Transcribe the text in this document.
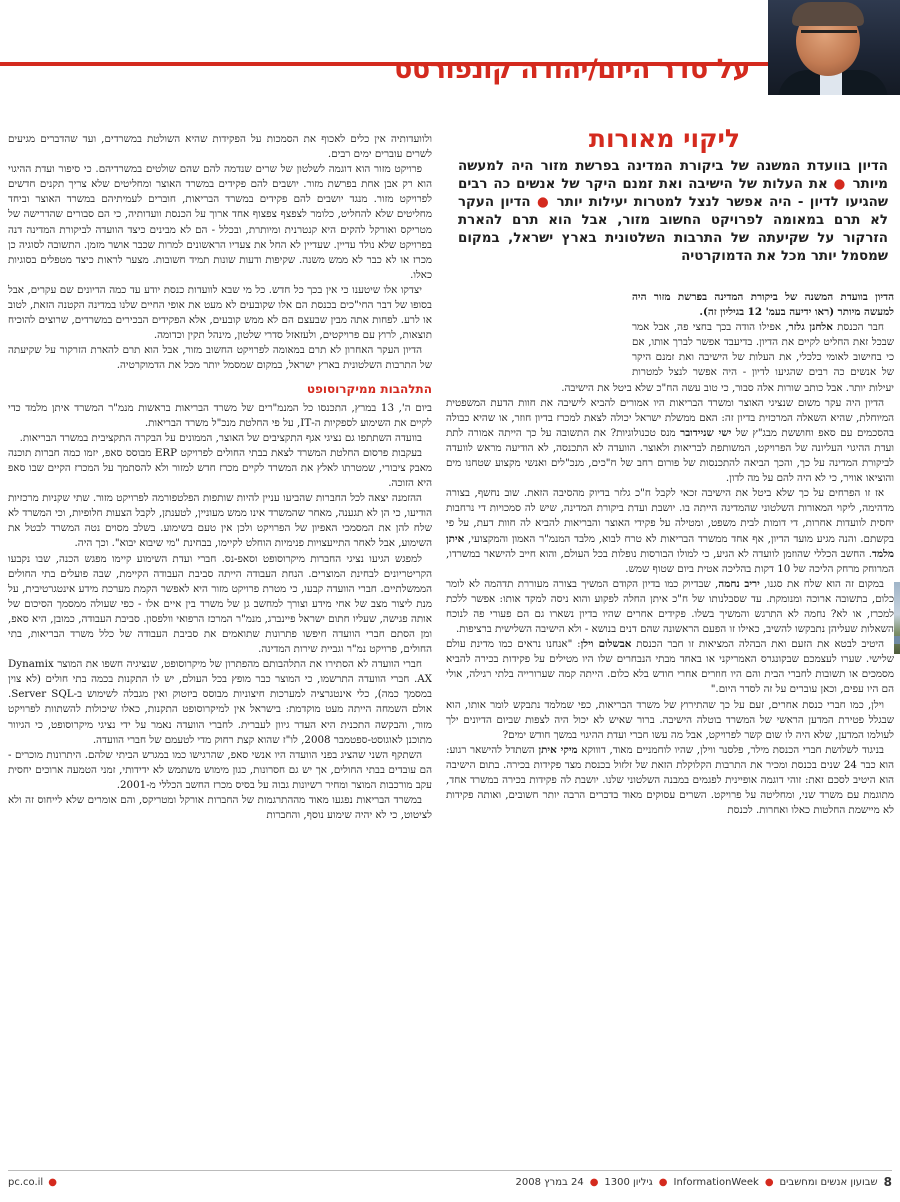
על סדר היום/יהודה קונפורטס
ליקוי מאורות
הדיון בוועדת המשנה של ביקורת המדינה בפרשת מזור היה למעשה מיותר ● את העלות של הישיבה ואת זמנם היקר של אנשים כה רבים שהגיעו לדיון - היה אפשר לנצל למטרות יעילות יותר ● הדיון העקר לא תרם במאומה לפרויקט החשוב מזור, אבל הוא תרם להארת הזרקור על שקיעתה של התרבות השלטונית בארץ ישראל, במקום שמסמל יותר מכל את הדמוקרטיה

הדיון בוועדת המשנה של ביקורת המדינה בפרשת מזור היה למעשה מיותר (ראו ידיעה בעמ' 12 בגיליון זה).

חבר הכנסת אלחנן גלזר, אפילו הודה בכך בחצי פה, אבל אמר שבכל זאת החליט לקיים את הדיון. בדיעבד אפשר לברך אותו, אם כי בחישוב לאומי כלכלי, את העלות של הישיבה ואת זמנם היקר של אנשים כה רבים שהגיעו לדיון - היה אפשר לנצל למטרות יעילות יותר. אבל כותב שורות אלה סבור, כי טוב עשה הח"כ שלא ביטל את הישיבה.

הדיון היה עקר משום שנציגי האוצר ומשרד הבריאות היו אמורים להביא לישיבה את חוות הדעת המשפטית המיוחלת, שהיא השאלה המרכזית בדיון זה: האם ממשלת ישראל יכולה לצאת למכרז בדיון חוזר, או שהיא כבולה בהסכמים עם סאפ וחוששת מבג"ץ של ישי שניידובר מנס טכנולוגיות? את התשובה על כך הייתה אמורה לתת ועדת ההיגוי העליונה של הפרויקט, המשותפת לבריאות ולאוצר. הוועדה לא התכנסה, לא הודיעה מראש לוועדה לביקורת המדינה על כך, והכך הביאה להתכנסות של פורום רחב של ח"כים, מנכ"לים ואנשי מקצוע שטחנו מים והוציאו אוויר, כי לא היה להם על מה לדון.

אז זו הפרחים על כך שלא ביטל את הישיבה זכאי לקבל ח"כ גלזר בדיוק מהסיבה הזאת. שוב נחשף, בצורה מדהימה, ליקוי המאורות השלטוני שהמדינה הייתה בו. יושבת ועדת ביקורת המדינה, שיש לה סמכויות די נרחבות יחסית לוועדות אחרות, די דומות לבית משפט, ומטילה על פקידי האוצר והבריאות להביא לה חוות דעת, על פי בקשתם. והנה מגיע מועד הדיון, אף אחד ממשרד הבריאות לא טרח לבוא, מלבד המנמ"ר האמון והמקצועי, איתן מלמד. החשב הכללי שהוזמן לוועדה לא הגיע, כי למולו הבורסות נופלות בכל העולם, והוא חייב להישאר במשרדו, המרוחק מרחק הליכה של 10 דקות בהליכה אטית ביום שטוף שמש.

במקום זה הוא שלח את סגנו, יריב נחמה, שבדיוק כמו בדיון הקודם המשיך בצורה מעוררת תדהמה לא לומר כלום, בתשובה ארוכה ומנומקת. עד שסבלנותו של ח"כ איתן החלה לפקוע והוא ניסה למקד אותו: אפשר ללכת למכרז, או לא? נחמה לא התרגש והמשיך בשלו. פקידים אחרים שהיו בדיון נשארו גם הם פעורי פה לנוכח השאלות שעליהן נתבקשו להשיב, כאילו זו הפעם הראשונה שהם דנים בנושא - ולא הישיבה השלישית ברציפות.

היטיב לבטא את הזעם ואת הבהלה המציאות זו חבר הכנסת אבשלום וילן: "אנחנו נראים כמו מדינת עולם שלישי. שערו לעצמכם שבקונגרס האמריקני או באחד מבתי הנבחרים שלו היו מטילים על פקידות בכירה להביא מסמכים או תשובות לחברי הבית והם היו חוזרים אחרי חודש בלא כלום. הייתה קמה שערורייה בלתי רגילה, אולי הם היו עפים, וכאן עוברים על זה לסדר היום."

וילן, כמו חברי כנסת אחרים, זעם על כך שהתירוץ של משרד הבריאות, כפי שמלמד נתבקש לומר אותו, הוא שבגלל פטירת המדען הראשי של המשרד בוטלה הישיבה. ברור שאיש לא יכול היה לצפות שביום הדיונים ילך לעולמו המדען, שלא היה לו שום קשר לפרויקט, אבל מה עשו חברי ועדת ההיגוי במשך חודש ימים?

בניגוד לשלושת חברי הכנסת מילר, פלסנר ווילן, שהיו לוחמניים מאוד, דוווקא מיקי איתן השתדל להישאר רגוע: הוא כבר 24 שנים בכנסת ומכיר את התרבות הקלוקלת הזאת של זלזול בכנסת מצד פקידות בכירה. בתום הישיבה הוא היטיב לסכם זאת: זוהי דוגמה אופיינית לפגמים במבנה השלטוני שלנו. יושבת לה פקידות בכירה במשרד אחד, מתוגמת עם משרד שני, ומחליטה על פרויקט. השרים עסוקים מאוד בדברים הרבה יותר חשובים, ואותה פקידות לא מיישמת החלטות כאלו ואחרות. לכנסת

ולוועדותיה אין כלים לאכוף את הסמכות על הפקידות שהיא השולטת במשרדים, ועד שהדברים מגיעים לשרים עוברים ימים רבים.

פרויקט מזור הוא דוגמה לשלטון של שרים שנדמה להם שהם שולטים במשרדיהם. כי סיפור ועדת ההיגוי הוא רק אבן אחת בפרשת מזור. יושבים להם פקידים במשרד האוצר ומחליטים שלא צריך תקנים חדשים לפרויקט מזור. מנגד יושבים להם פקידים במשרד הבריאות, חוברים לעמיתיהם במשרד האוצר וביחד מחליטים שלא להחליט, כלומר לצפצף צפצוף אחד ארוך על הכנסת וועדותיה, כי הם סבורים שהדרישה של מטריקס ואורקל להקים היא קנטרנית ומיותרת, ובכלל - הם לא מבינים כיצד הוועדה לביקורת המדינה דנה בפרויקט שלא נולד עדיין. שעדיין לא החל את צעדיו הראשונים למרות שכבר אושר מזמן. התשובה לסוגיה כן מכרז או לא כבר לא ממש משנה. שקיפות ודעות שונות תמיד חשובות. מצער לראות כיצד מטפלים בסוגיות כאלו.

יצדקו אלו שיטענו כי אין בכך כל חדש. כל מי שבא לוועדות כנסת יודע עד כמה הדיונים שם עקרים, אבל בסופו של דבר החי"כים בכנסת הם אלו שקובעים לא מעט את אופי החיים שלנו במדינה הקטנה הזאת, לטוב או לרע. לפחות אתה מבין שבעצם הם לא ממש קובעים, אלא הפקידים הבכירים במשרדים, שרוצים להוכיח תוצאות, לרוץ עם פרויקטים, ולעזאזל סדרי שלטון, מינהל תקין וכדומה.

הדיון העקר האחרון לא תרם במאומה לפרויקט החשוב מזור, אבל הוא תרם להארת הזרקור על שקיעתה של התרבות השלטונית בארץ ישראל, במקום שמסמל יותר מכל את הדמוקרטיה.

התלהבות ממיקרוסופט

ביום ה', 13 במרץ, התכנסו כל המנמ"רים של משרד הבריאות בראשות מנמ"ר המשרד איתן מלמד כדי לקיים את השימוע לספקיות ה-IT, על פי החלטת מנכ"ל משרד הבריאות.

בוועדה השתתפו גם נציגי אגף התקציבים של האוצר, הממונים על הבקרה התקציבית במשרד הבריאות.

בעקבות פרסום החלטת המשרד לצאת בבתי החולים לפרויקט ERP מבוסס סאפ, יזמו כמה חברות תוכנה מאבק ציבורי, שמטרתו לאלץ את המשרד לקיים מכרז חדש למזור ולא להסתמך על המכרז הקיים שבו סאפ היא הזוכה.

ההזמנה יצאה לכל החברות שהביעו עניין להיות שותפות הפלטפורמה לפרויקט מזור. שתי שקניות מרכזיות הודיעו, כי הן לא תגענה, מאחר שהמשרד אינו ממש מעוניין, לטענתן, לקבל הצעות חלופיות, וכי המשרד לא שלח להן את המסמכי האפיון של הפרויקט ולכן אין טעם בשימוע. בשלב מסוים נטה המשרד לבטל את השימוע, אבל לאחר התייעצויות פנימיות הוחלט לקיימו, בבחינת "מי שיבוא יבוא". וכך היה.

למפגש הגיעו נציגי החברות מיקרוסופט וסאפ-נס. חברי ועדת השימוע קיימו מפגש הכנה, שבו נקבעו הקריטריונים לבחינת המוצרים. הנחת העבודה הייתה סביבת העבודה הקיימת, שבה פועלים בתי החולים הממשלתיים. חברי הוועדה קבעו, כי מטרת פרויקט מזור היא לאפשר הקמת מערכת מידע אינטגרטיבית, על מנת ליצור מצב של אחי מידע וצורך למחשב גן של משרד בין איים אלו - כפי שעולה ממסמך הסיכום של אותה פגישה, שעליו חתום ישראל פיינברג, מנמ"ר המרכז הרפואי וולפסון. סביבת העבודה, כמובן, היא סאפ, ומן הסתם חברי הוועדה חיפשו פתרונות שתואמים את סביבת העבודה של כלל משרד הבריאות, בתי החולים, פרויקט נמ"ר וגביית שירות המדינה.

חברי הוועדה לא הסתירו את התלהבותם מהפתרון של מיקרוסופט, שנציגיה חשפו את המוצר Dynamix AX. חברי הוועדה התרשמו, כי המוצר כבר מופץ בכל העולם, יש לו התקנות בכמה בתי חולים (לא צוין במסמך כמה), כלי אינטגרציה למערכות חיצוניות מבוסס ביזטוק ואין מגבלה לשימוש ב-Server SQL. אולם השמחה הייתה מעט מוקדמת: בישראל אין למיקרוסופט התקנות, כאלו שיכולות להשתוות לפרויקט מזור, והבקשה התכנית היא העדר גיוון לעברית. לחברי הוועדה נאמר על ידי נציגי מיקרוסופט, כי הגיוור מתוכנן לאוגוסט-ספטמבר 2008, לו"ז שהוא קצת רחוק מדי לטעמם של חברי הוועדה.

השתקף השני שהציג בפני הוועדה היו אנשי סאפ, שהרגישו כמו במגרש הביתי שלהם. היתרונות מוכרים - הם עובדים בבתי החולים, אך יש גם חסרונות, כגון מימוש משתמש לא ידידותי, זמני הטמעה ארוכים יחסית עקב מורכבות המוצר ומחיר רשיונות גבוה על בסיס מכרז החשב הכללי מ-2001.

במשרד הבריאות נפגעו מאוד מההתרגמות של החברות אורקל ומטריקס, והם אומרים שלא לייחוס זה ולא לציטוט, כי לא יהיה שימוע נוסף, והחברות

8
שבועון אנשים ומחשבים
●
InformationWeek
●
גיליון 1300
●
24 במרץ 2008
●
pc.co.il
